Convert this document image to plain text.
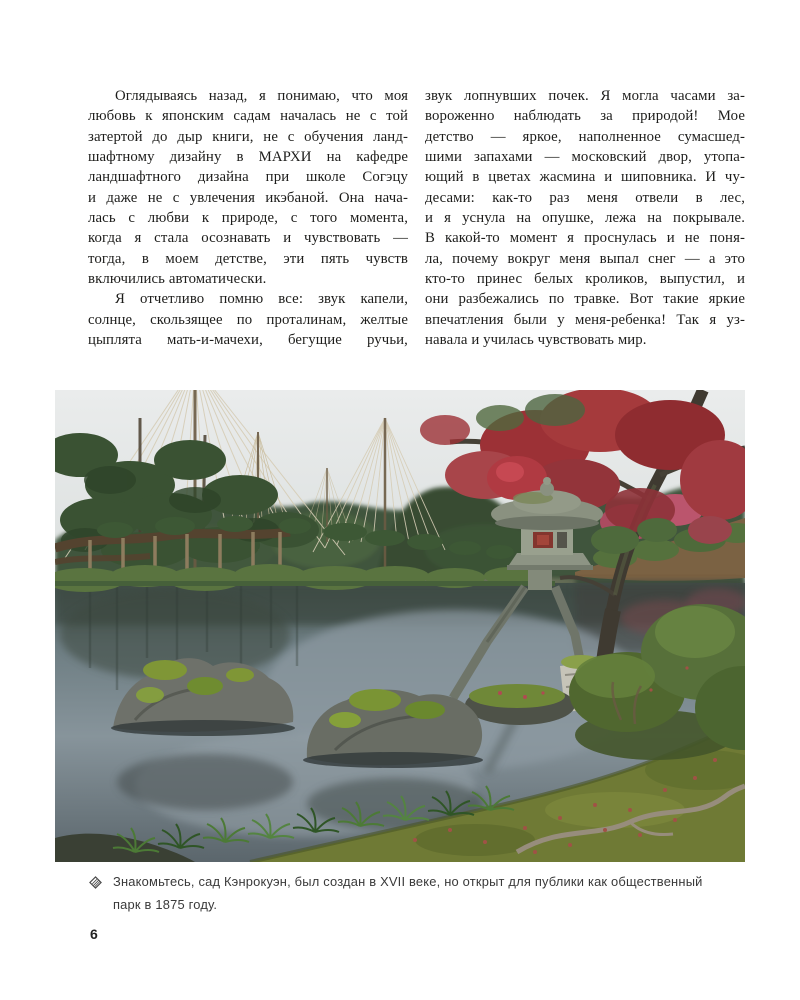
Оглядываясь назад, я понимаю, что моя
любовь к японским садам началась не с той
затертой до дыр книги, не с обучения ланд-
шафтному дизайну в МАРХИ на кафедре
ландшафтного дизайна при школе Согэцу
и даже не с увлечения икэбаной. Она нача-
лась с любви к природе, с того момента,
когда я стала осознавать и чувствовать —
тогда, в моем детстве, эти пять чувств
включились автоматически.
Я отчетливо помню все: звук капели,
солнце, скользящее по проталинам, желтые
цыплята мать-и-мачехи, бегущие ручьи,
звук лопнувших почек. Я могла часами за-
вороженно наблюдать за природой! Мое
детство — яркое, наполненное сумасшед-
шими запахами — московский двор, утопа-
ющий в цветах жасмина и шиповника. И чу-
десами: как-то раз меня отвели в лес,
и я уснула на опушке, лежа на покрывале.
В какой-то момент я проснулась и не поня-
ла, почему вокруг меня выпал снег — а это
кто-то принес белых кроликов, выпустил, и
они разбежались по травке. Вот такие яркие
впечатления были у меня-ребенка! Так я уз-
навала и училась чувствовать мир.
Знакомьтесь, сад Кэнрокуэн, был создан в XVII веке, но открыт для публики как общественный
парк в 1875 году.
6
